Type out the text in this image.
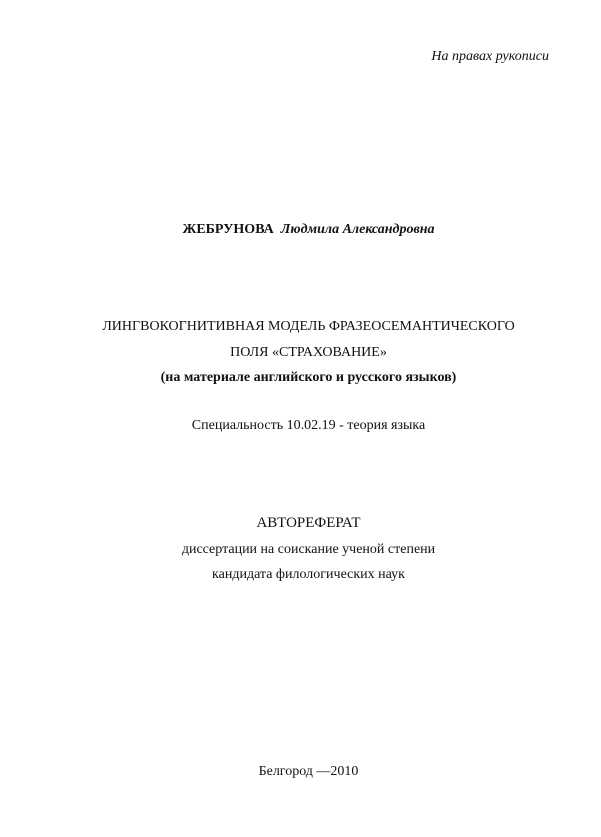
На правах рукописи
ЖЕБРУНОВА Людмила Александровна
ЛИНГВОКОГНИТИВНАЯ МОДЕЛЬ ФРАЗЕОСЕМАНТИЧЕСКОГО
ПОЛЯ «СТРАХОВАНИЕ»
(на материале английского и русского языков)
Специальность 10.02.19 - теория языка
АВТОРЕФЕРАТ
диссертации на соискание ученой степени
кандидата филологических наук
Белгород —2010
